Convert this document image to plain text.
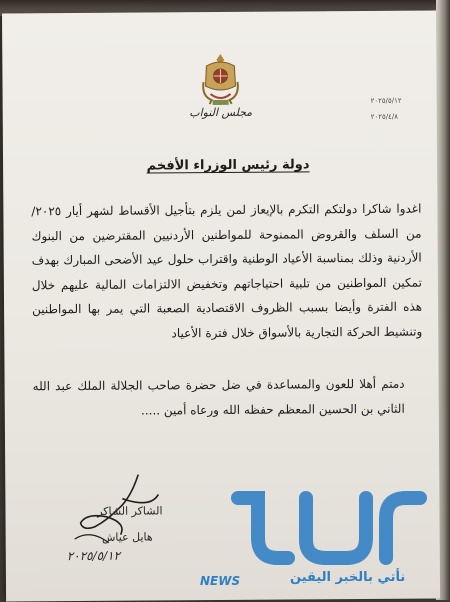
مجلس النواب
٢٠٢٥/٥/١٢
٢٠٢٥/٤/٨
دولة رئيس الوزراء الأفخم

اغدوا شاكرا دولتكم التكرم بالإيعاز لمن يلزم بتأجيل الأقساط لشهر أيار ٢٠٢٥/ من السلف والقروض الممنوحة للمواطنين الأردنيين المقترضين من البنوك الأردنية وذلك بمناسبة الأعياد الوطنية واقتراب حلول عيد الأضحى المبارك بهدف تمكين المواطنين من تلبية احتياجاتهم وتخفيض الالتزامات المالية عليهم خلال هذه الفترة وأيضا بسبب الظروف الاقتصادية الصعبة التي يمر بها المواطنين وتنشيط الحركة التجارية بالأسواق خلال فترة الأعياد

دمتم أهلا للعون والمساعدة في ضل حضرة صاحب الجلالة الملك عبد الله الثاني بن الحسين المعظم حفظه الله ورعاه أمين .....

الشاكر الشاكر
هايل عياش
٢٠٢٥/٥/١٢
NEWS	نأتي بالخبر اليقين
